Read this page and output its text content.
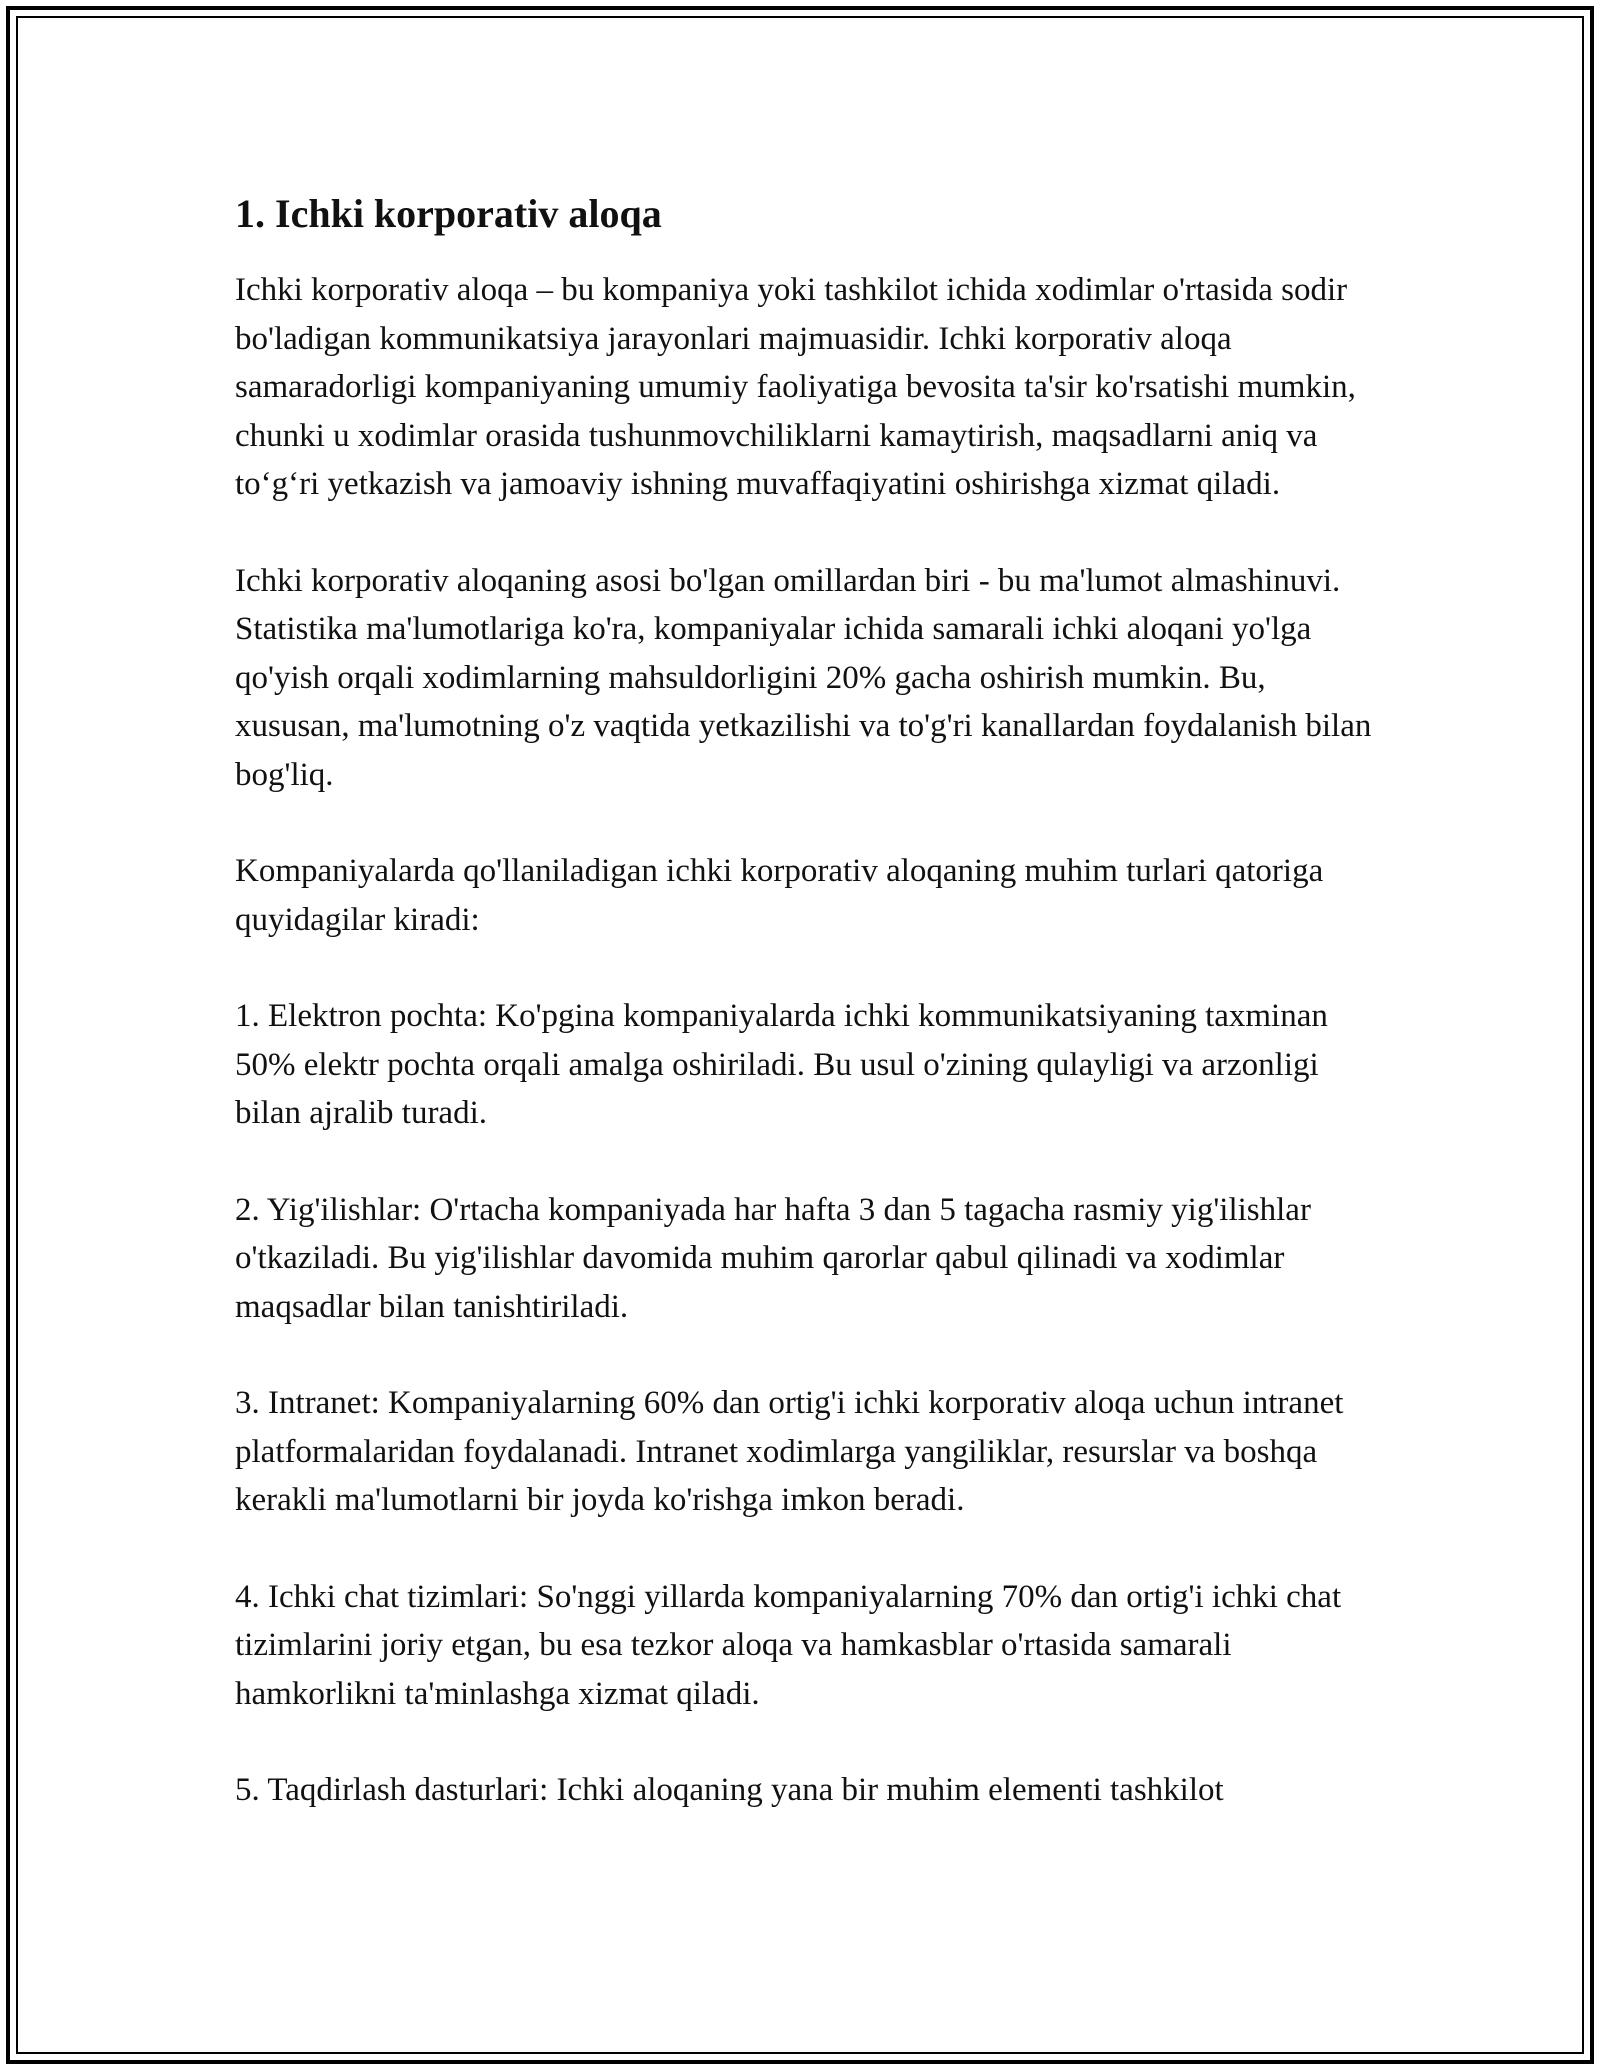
1. Ichki korporativ aloqa

Ichki korporativ aloqa – bu kompaniya yoki tashkilot ichida xodimlar o'rtasida sodir bo'ladigan kommunikatsiya jarayonlari majmuasidir. Ichki korporativ aloqa samaradorligi kompaniyaning umumiy faoliyatiga bevosita ta'sir ko'rsatishi mumkin, chunki u xodimlar orasida tushunmovchiliklarni kamaytirish, maqsadlarni aniq va to‘g‘ri yetkazish va jamoaviy ishning muvaffaqiyatini oshirishga xizmat qiladi.

Ichki korporativ aloqaning asosi bo'lgan omillardan biri - bu ma'lumot almashinuvi. Statistika ma'lumotlariga ko'ra, kompaniyalar ichida samarali ichki aloqani yo'lga qo'yish orqali xodimlarning mahsuldorligini 20% gacha oshirish mumkin. Bu, xususan, ma'lumotning o'z vaqtida yetkazilishi va to'g'ri kanallardan foydalanish bilan bog'liq.

Kompaniyalarda qo'llaniladigan ichki korporativ aloqaning muhim turlari qatoriga quyidagilar kiradi:

1. Elektron pochta: Ko'pgina kompaniyalarda ichki kommunikatsiyaning taxminan 50% elektr pochta orqali amalga oshiriladi. Bu usul o'zining qulayligi va arzonligi bilan ajralib turadi.

2. Yig'ilishlar: O'rtacha kompaniyada har hafta 3 dan 5 tagacha rasmiy yig'ilishlar o'tkaziladi. Bu yig'ilishlar davomida muhim qarorlar qabul qilinadi va xodimlar maqsadlar bilan tanishtiriladi.

3. Intranet: Kompaniyalarning 60% dan ortig'i ichki korporativ aloqa uchun intranet platformalaridan foydalanadi. Intranet xodimlarga yangiliklar, resurslar va boshqa kerakli ma'lumotlarni bir joyda ko'rishga imkon beradi.

4. Ichki chat tizimlari: So'nggi yillarda kompaniyalarning 70% dan ortig'i ichki chat tizimlarini joriy etgan, bu esa tezkor aloqa va hamkasblar o'rtasida samarali hamkorlikni ta'minlashga xizmat qiladi.

5. Taqdirlash dasturlari: Ichki aloqaning yana bir muhim elementi tashkilot
